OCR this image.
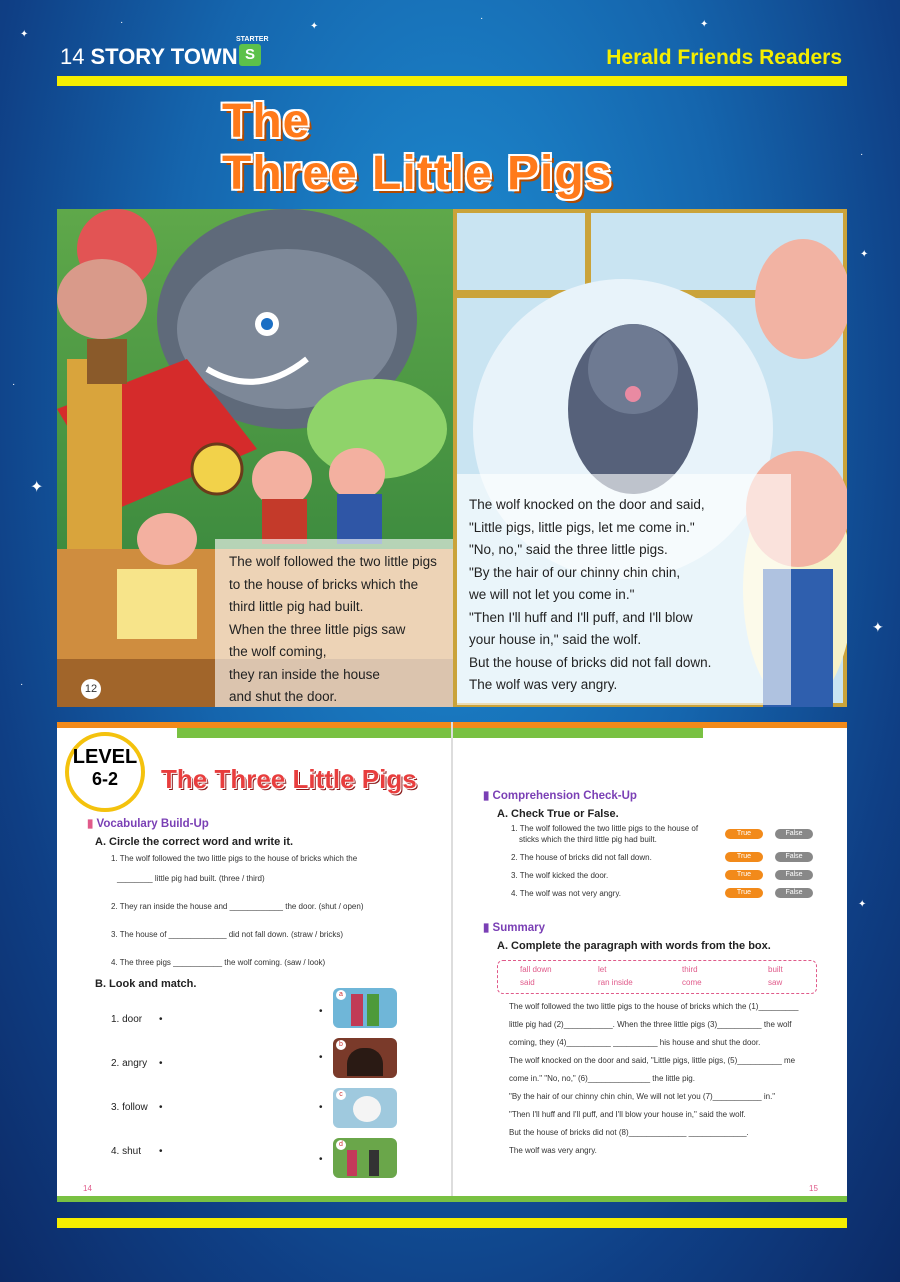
✦
·	✦
·
✦
✦
·
✦
✦
✦
·
·
14 STORY TOWN
STARTER
S	Herald Friends Readers
The
Three Little Pigs
The wolf followed the two little pigs
to the house of bricks which the
third little pig had built.
When the three little pigs saw
the wolf coming,
they ran inside the house
and shut the door.
12
The wolf knocked on the door and said,
"Little pigs, little pigs, let me come in."
"No, no," said the three little pigs.
"By the hair of our chinny chin chin,
we will not let you come in."
"Then I'll huff and I'll puff, and I'll blow
your house in," said the wolf.
But the house of bricks did not fall down.
The wolf was very angry.
LEVEL
6-2	The Three Little Pigs
▮ Vocabulary Build-Up
A. Circle the correct word and write it.
1. The wolf followed the two little pigs to the house of bricks which the
________ little pig had built. (three / third)
2. They ran inside the house and ____________ the door. (shut / open)
3. The house of _____________ did not fall down. (straw / bricks)
4. The three pigs ___________ the wolf coming. (saw / look)
B. Look and match.
1. door •
2. angry •
3. follow •
4. shut •
•
a
•
b
•
c
•
d
14
▮ Comprehension Check-Up
A. Check True or False.
1. The wolf followed the two little pigs to the house of
sticks which the third little pig had built.
True	False
2. The house of bricks did not fall down.	True	False
3. The wolf kicked the door.	True	False
4. The wolf was not very angry.	True	False
▮ Summary
A. Complete the paragraph with words from the box.
fall down	let	third	built
said	ran inside	come	saw
The wolf followed the two little pigs to the house of bricks which the (1)_________
little pig had (2)___________. When the three little pigs (3)__________ the wolf
coming, they (4)__________ __________ his house and shut the door.
The wolf knocked on the door and said, "Little pigs, little pigs, (5)__________ me
come in." "No, no," (6)______________ the little pig.
"By the hair of our chinny chin chin, We will not let you (7)___________ in."
"Then I'll huff and I'll puff, and I'll blow your house in," said the wolf.
But the house of bricks did not (8)_____________ _____________.
The wolf was very angry.
15
